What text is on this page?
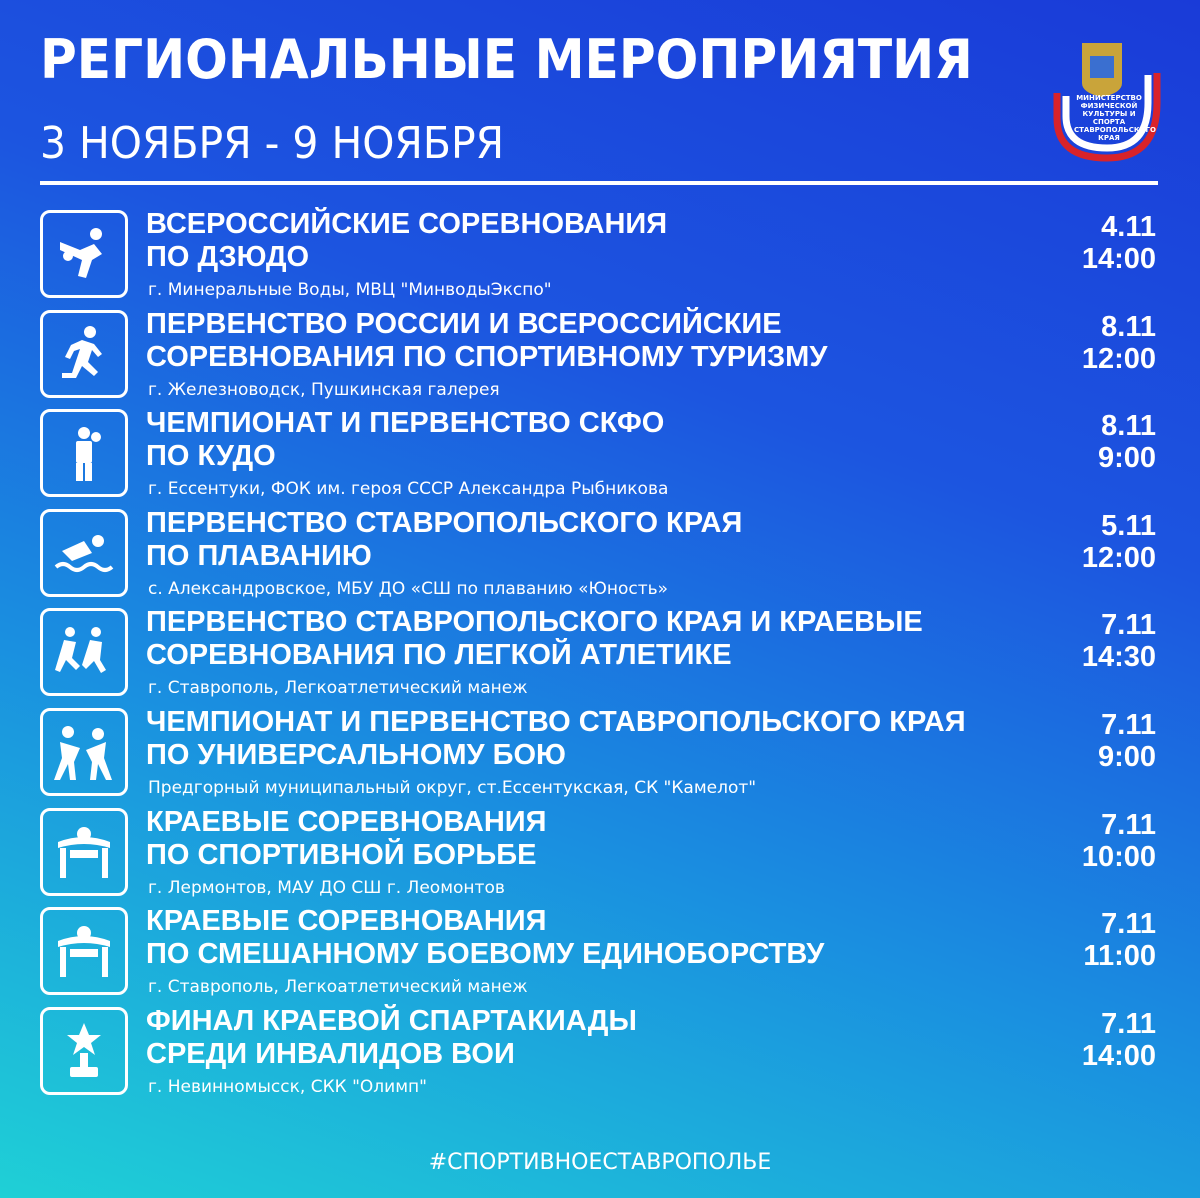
РЕГИОНАЛЬНЫЕ МЕРОПРИЯТИЯ
3 НОЯБРЯ - 9 НОЯБРЯ
МИНИСТЕРСТВО ФИЗИЧЕСКОЙ КУЛЬТУРЫ И СПОРТА СТАВРОПОЛЬСКОГО КРАЯ
ВСЕРОССИЙСКИЕ СОРЕВНОВАНИЯ
ПО ДЗЮДО
г. Минеральные Воды, МВЦ "МинводыЭкспо"
4.11
14:00
ПЕРВЕНСТВО РОССИИ И ВСЕРОССИЙСКИЕ
СОРЕВНОВАНИЯ ПО СПОРТИВНОМУ ТУРИЗМУ
г. Железноводск, Пушкинская галерея
8.11
12:00
ЧЕМПИОНАТ И ПЕРВЕНСТВО СКФО
ПО КУДО
г. Ессентуки, ФОК им. героя СССР Александра Рыбникова
8.11
9:00
ПЕРВЕНСТВО СТАВРОПОЛЬСКОГО КРАЯ
ПО ПЛАВАНИЮ
с. Александровское, МБУ ДО «СШ по плаванию «Юность»
5.11
12:00
ПЕРВЕНСТВО СТАВРОПОЛЬСКОГО КРАЯ И КРАЕВЫЕ
СОРЕВНОВАНИЯ ПО ЛЕГКОЙ АТЛЕТИКЕ
г. Ставрополь, Легкоатлетический манеж
7.11
14:30
ЧЕМПИОНАТ И ПЕРВЕНСТВО СТАВРОПОЛЬСКОГО КРАЯ
ПО УНИВЕРСАЛЬНОМУ БОЮ
Предгорный муниципальный округ, ст.Ессентукская, СК "Камелот"
7.11
9:00
КРАЕВЫЕ СОРЕВНОВАНИЯ
ПО СПОРТИВНОЙ БОРЬБЕ
г. Лермонтов, МАУ ДО СШ г. Леомонтов
7.11
10:00
КРАЕВЫЕ СОРЕВНОВАНИЯ
ПО СМЕШАННОМУ БОЕВОМУ ЕДИНОБОРСТВУ
г. Ставрополь, Легкоатлетический манеж
7.11
11:00
ФИНАЛ КРАЕВОЙ СПАРТАКИАДЫ
СРЕДИ ИНВАЛИДОВ ВОИ
г. Невинномысск, СКК "Олимп"
7.11
14:00
#СПОРТИВНОЕСТАВРОПОЛЬЕ
